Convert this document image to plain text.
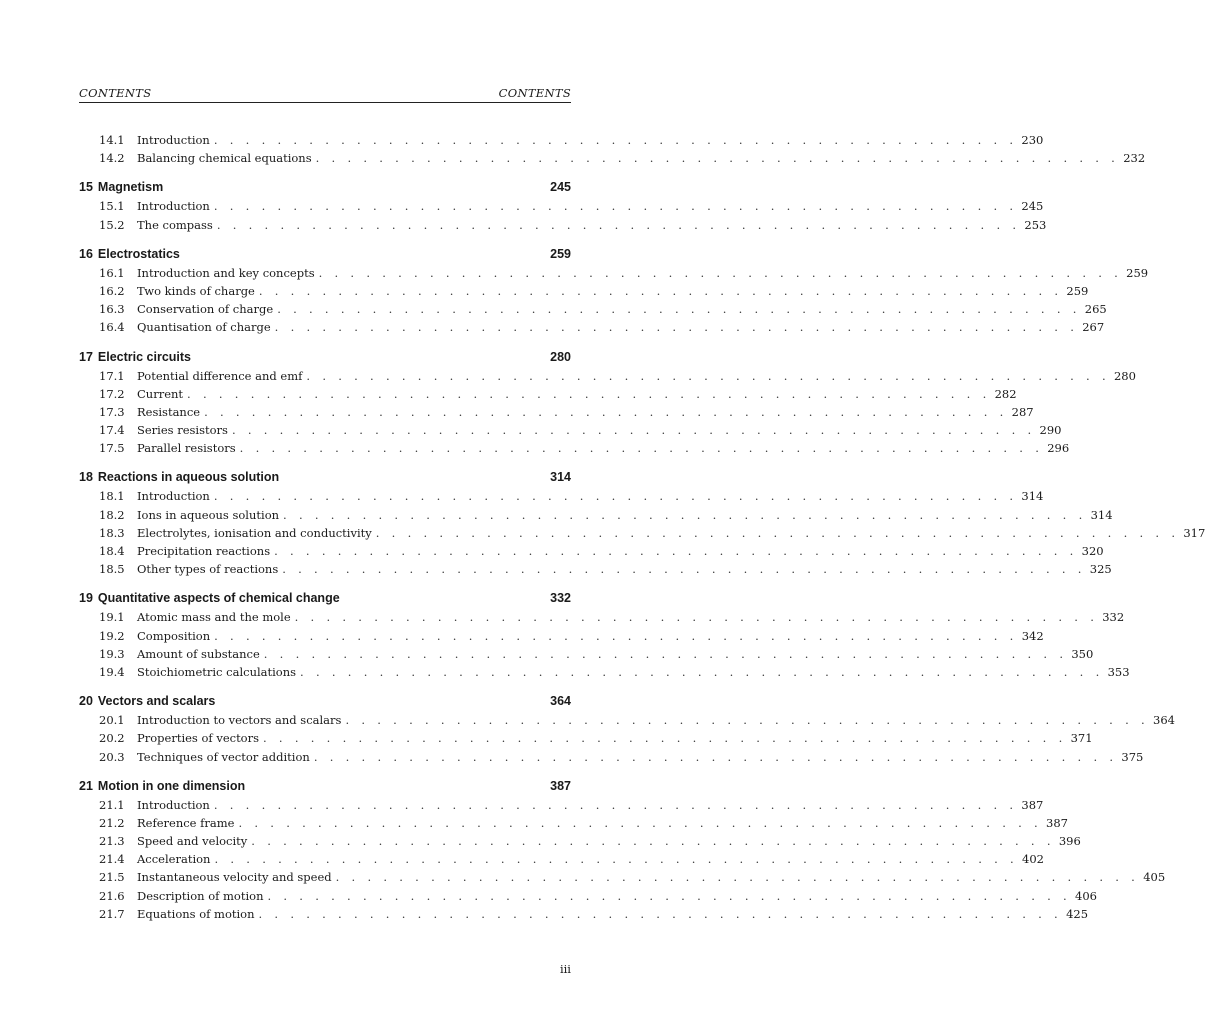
CONTENTS	CONTENTS
14.1	Introduction . . . . . . . . . . . . . . . . . . . . . . . . . . . . . . . . . . . . . . . . . . . . . . . . . . . 230
14.2	Balancing chemical equations . . . . . . . . . . . . . . . . . . . . . . . . . . . . . . . . . . . . . . . . . . . . . . . . . . . 232
15 Magnetism	245
15.1	Introduction . . . . . . . . . . . . . . . . . . . . . . . . . . . . . . . . . . . . . . . . . . . . . . . . . . . 245
15.2	The compass . . . . . . . . . . . . . . . . . . . . . . . . . . . . . . . . . . . . . . . . . . . . . . . . . . . 253
16 Electrostatics	259
16.1	Introduction and key concepts . . . . . . . . . . . . . . . . . . . . . . . . . . . . . . . . . . . . . . . . . . . . . . . . . . . 259
16.2	Two kinds of charge . . . . . . . . . . . . . . . . . . . . . . . . . . . . . . . . . . . . . . . . . . . . . . . . . . . 259
16.3	Conservation of charge . . . . . . . . . . . . . . . . . . . . . . . . . . . . . . . . . . . . . . . . . . . . . . . . . . . 265
16.4	Quantisation of charge . . . . . . . . . . . . . . . . . . . . . . . . . . . . . . . . . . . . . . . . . . . . . . . . . . . 267
17 Electric circuits	280
17.1	Potential difference and emf . . . . . . . . . . . . . . . . . . . . . . . . . . . . . . . . . . . . . . . . . . . . . . . . . . . 280
17.2	Current . . . . . . . . . . . . . . . . . . . . . . . . . . . . . . . . . . . . . . . . . . . . . . . . . . . 282
17.3	Resistance . . . . . . . . . . . . . . . . . . . . . . . . . . . . . . . . . . . . . . . . . . . . . . . . . . . 287
17.4	Series resistors . . . . . . . . . . . . . . . . . . . . . . . . . . . . . . . . . . . . . . . . . . . . . . . . . . . 290
17.5	Parallel resistors . . . . . . . . . . . . . . . . . . . . . . . . . . . . . . . . . . . . . . . . . . . . . . . . . . . 296
18 Reactions in aqueous solution	314
18.1	Introduction . . . . . . . . . . . . . . . . . . . . . . . . . . . . . . . . . . . . . . . . . . . . . . . . . . . 314
18.2	Ions in aqueous solution . . . . . . . . . . . . . . . . . . . . . . . . . . . . . . . . . . . . . . . . . . . . . . . . . . . 314
18.3	Electrolytes, ionisation and conductivity . . . . . . . . . . . . . . . . . . . . . . . . . . . . . . . . . . . . . . . . . . . . . . . . . . . 317
18.4	Precipitation reactions . . . . . . . . . . . . . . . . . . . . . . . . . . . . . . . . . . . . . . . . . . . . . . . . . . . 320
18.5	Other types of reactions . . . . . . . . . . . . . . . . . . . . . . . . . . . . . . . . . . . . . . . . . . . . . . . . . . . 325
19 Quantitative aspects of chemical change	332
19.1	Atomic mass and the mole . . . . . . . . . . . . . . . . . . . . . . . . . . . . . . . . . . . . . . . . . . . . . . . . . . . 332
19.2	Composition . . . . . . . . . . . . . . . . . . . . . . . . . . . . . . . . . . . . . . . . . . . . . . . . . . . 342
19.3	Amount of substance . . . . . . . . . . . . . . . . . . . . . . . . . . . . . . . . . . . . . . . . . . . . . . . . . . . 350
19.4	Stoichiometric calculations . . . . . . . . . . . . . . . . . . . . . . . . . . . . . . . . . . . . . . . . . . . . . . . . . . . 353
20 Vectors and scalars	364
20.1	Introduction to vectors and scalars . . . . . . . . . . . . . . . . . . . . . . . . . . . . . . . . . . . . . . . . . . . . . . . . . . . 364
20.2	Properties of vectors . . . . . . . . . . . . . . . . . . . . . . . . . . . . . . . . . . . . . . . . . . . . . . . . . . . 371
20.3	Techniques of vector addition . . . . . . . . . . . . . . . . . . . . . . . . . . . . . . . . . . . . . . . . . . . . . . . . . . . 375
21 Motion in one dimension	387
21.1	Introduction . . . . . . . . . . . . . . . . . . . . . . . . . . . . . . . . . . . . . . . . . . . . . . . . . . . 387
21.2	Reference frame . . . . . . . . . . . . . . . . . . . . . . . . . . . . . . . . . . . . . . . . . . . . . . . . . . . 387
21.3	Speed and velocity . . . . . . . . . . . . . . . . . . . . . . . . . . . . . . . . . . . . . . . . . . . . . . . . . . . 396
21.4	Acceleration . . . . . . . . . . . . . . . . . . . . . . . . . . . . . . . . . . . . . . . . . . . . . . . . . . . 402
21.5	Instantaneous velocity and speed . . . . . . . . . . . . . . . . . . . . . . . . . . . . . . . . . . . . . . . . . . . . . . . . . . . 405
21.6	Description of motion . . . . . . . . . . . . . . . . . . . . . . . . . . . . . . . . . . . . . . . . . . . . . . . . . . . 406
21.7	Equations of motion . . . . . . . . . . . . . . . . . . . . . . . . . . . . . . . . . . . . . . . . . . . . . . . . . . . 425
iii
